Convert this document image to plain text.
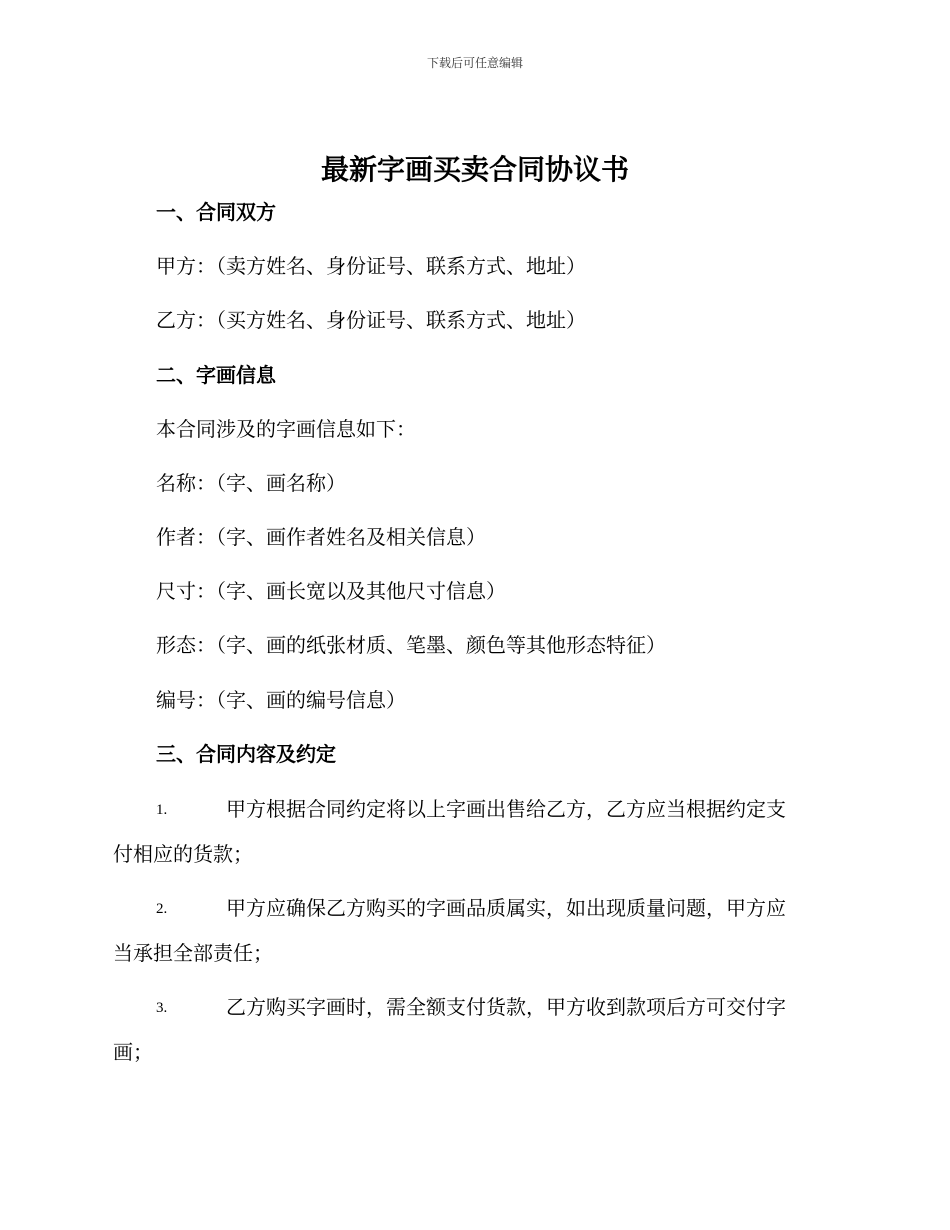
下载后可任意编辑
最新字画买卖合同协议书
一、合同双方
甲方：（卖方姓名、身份证号、联系方式、地址）
乙方：（买方姓名、身份证号、联系方式、地址）
二、字画信息
本合同涉及的字画信息如下：
名称：（字、画名称）
作者：（字、画作者姓名及相关信息）
尺寸：（字、画长宽以及其他尺寸信息）
形态：（字、画的纸张材质、笔墨、颜色等其他形态特征）
编号：（字、画的编号信息）
三、合同内容及约定
1.	甲方根据合同约定将以上字画出售给乙方，乙方应当根据约定支
付相应的货款；
2.	甲方应确保乙方购买的字画品质属实，如出现质量问题，甲方应
当承担全部责任；
3.	乙方购买字画时，需全额支付货款，甲方收到款项后方可交付字
画；
